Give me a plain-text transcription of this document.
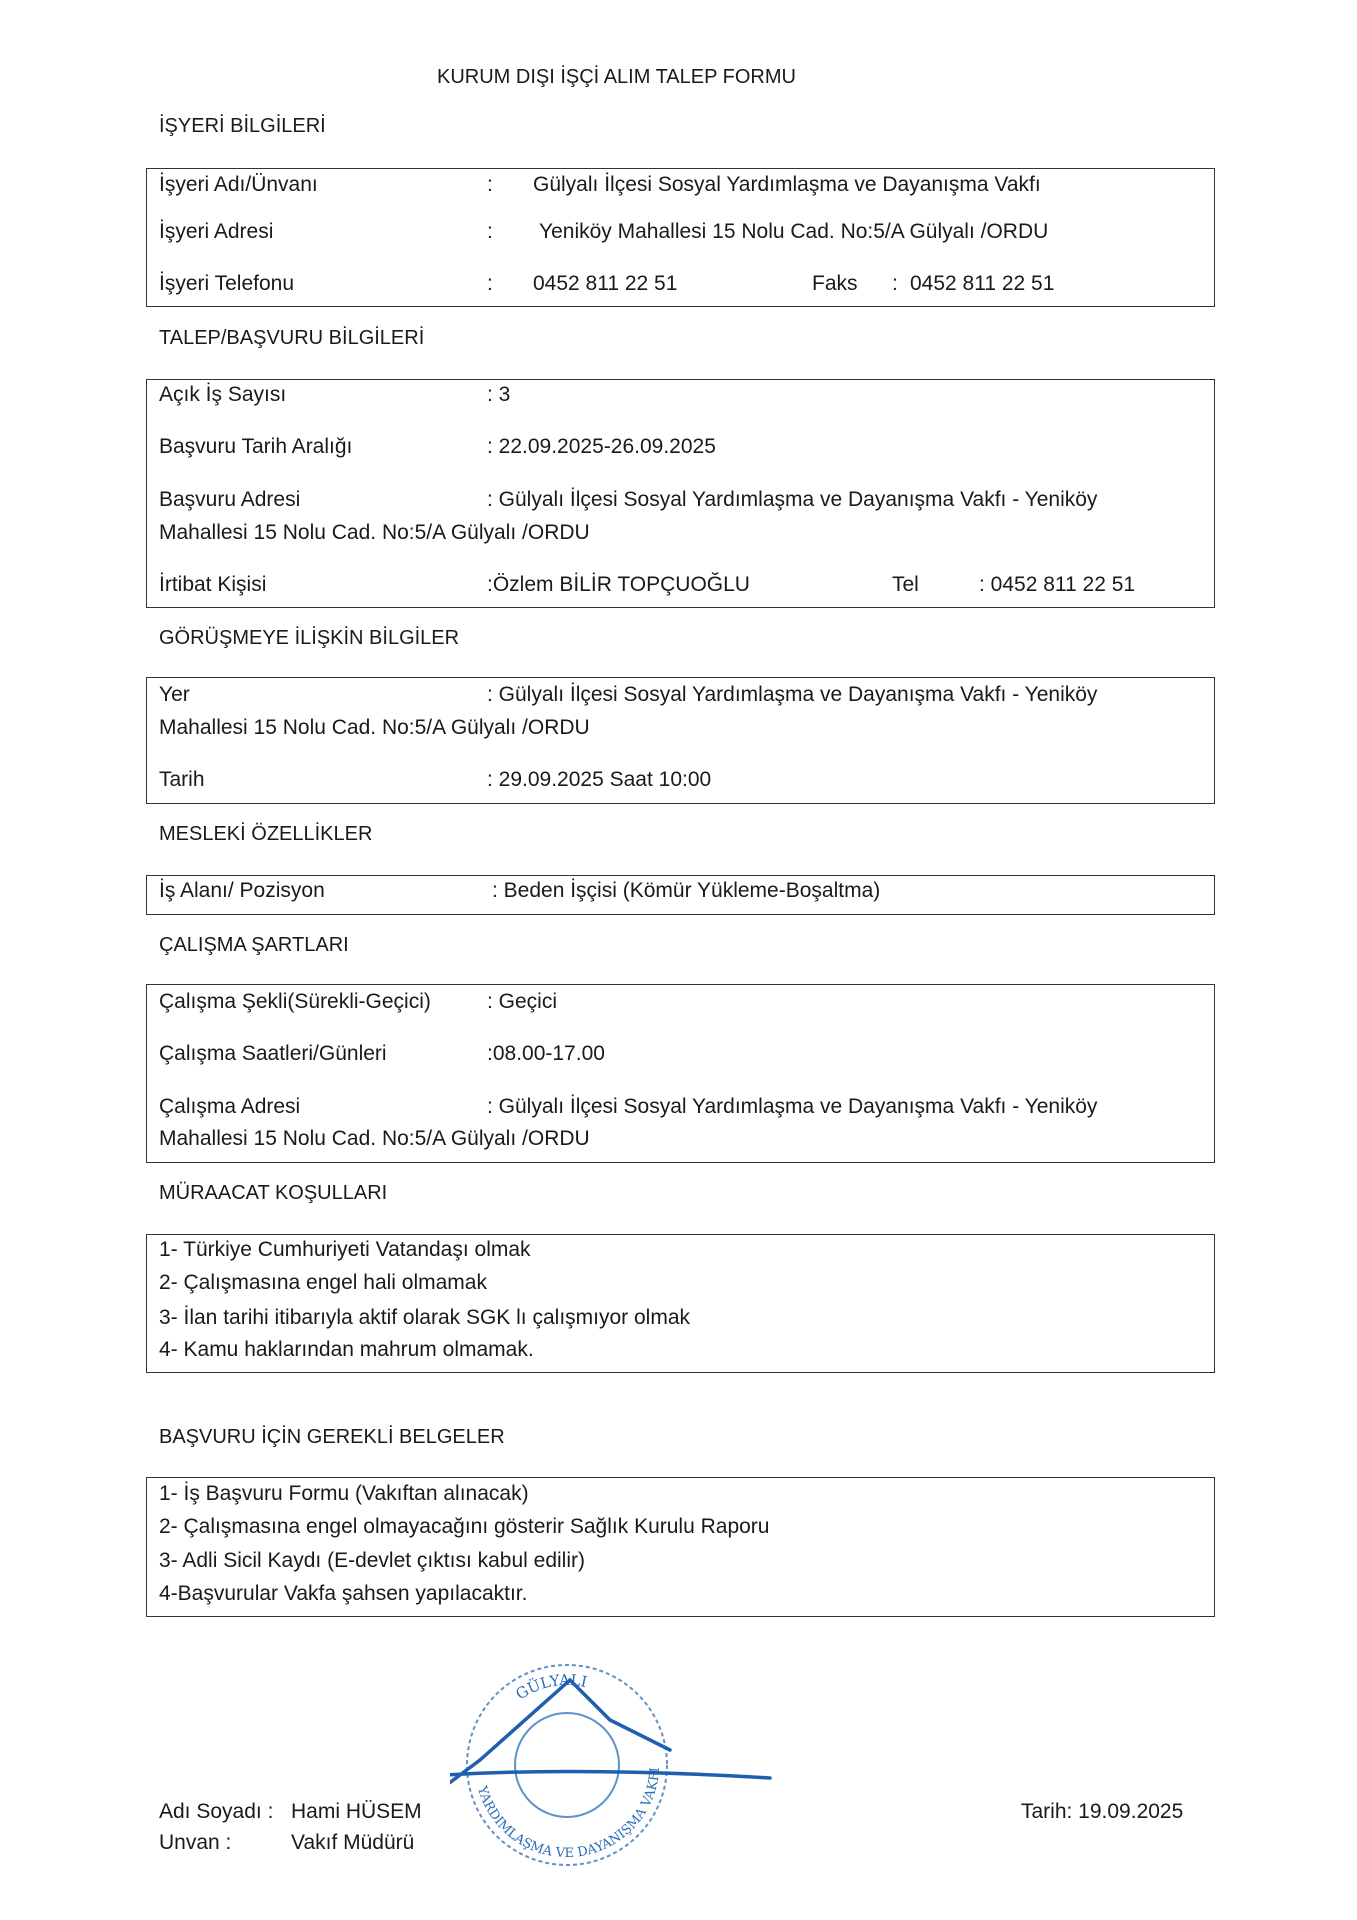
KURUM DIŞI İŞÇİ ALIM TALEP FORMU
İŞYERİ BİLGİLERİ
İşyeri Adı/Ünvanı	: Gülyalı İlçesi Sosyal Yardımlaşma ve Dayanışma Vakfı
İşyeri Adresi	: Yeniköy Mahallesi 15 Nolu Cad. No:5/A Gülyalı /ORDU
İşyeri Telefonu	: 0452 811 22 51	Faks : 0452 811 22 51
TALEP/BAŞVURU BİLGİLERİ
Açık İş Sayısı	: 3
Başvuru Tarih Aralığı	: 22.09.2025-26.09.2025
Başvuru Adresi	: Gülyalı İlçesi Sosyal Yardımlaşma ve Dayanışma Vakfı - Yeniköy
Mahallesi 15 Nolu Cad. No:5/A Gülyalı /ORDU
İrtibat Kişisi	:Özlem BİLİR TOPÇUOĞLU	Tel	: 0452 811 22 51
GÖRÜŞMEYE İLİŞKİN BİLGİLER
Yer	: Gülyalı İlçesi Sosyal Yardımlaşma ve Dayanışma Vakfı - Yeniköy
Mahallesi 15 Nolu Cad. No:5/A Gülyalı /ORDU
Tarih	: 29.09.2025 Saat 10:00
MESLEKİ ÖZELLİKLER
İş Alanı/ Pozisyon	: Beden İşçisi (Kömür Yükleme-Boşaltma)
ÇALIŞMA ŞARTLARI
Çalışma Şekli(Sürekli-Geçici)	: Geçici
Çalışma Saatleri/Günleri	:08.00-17.00
Çalışma Adresi	: Gülyalı İlçesi Sosyal Yardımlaşma ve Dayanışma Vakfı - Yeniköy
Mahallesi 15 Nolu Cad. No:5/A Gülyalı /ORDU
MÜRAACAT KOŞULLARI
1- Türkiye Cumhuriyeti Vatandaşı olmak
2- Çalışmasına engel hali olmamak
3- İlan tarihi itibarıyla aktif olarak SGK lı çalışmıyor olmak
4- Kamu haklarından mahrum olmamak.
BAŞVURU İÇİN GEREKLİ BELGELER
1- İş Başvuru Formu (Vakıftan alınacak)
2- Çalışmasına engel olmayacağını gösterir Sağlık Kurulu Raporu
3- Adli Sicil Kaydı (E-devlet çıktısı kabul edilir)
4-Başvurular Vakfa şahsen yapılacaktır.
GÜLYALI
YARDIMLAŞMA VE DAYANIŞMA VAKFI
Adı Soyadı : Hami HÜSEM
Unvan :	Vakıf Müdürü
Tarih: 19.09.2025
